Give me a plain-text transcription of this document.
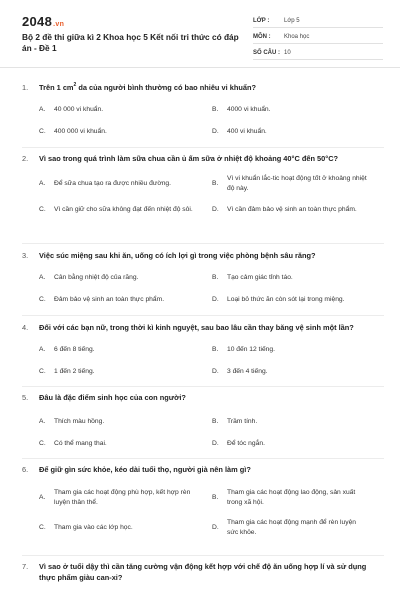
2048.vn
Bộ 2 đề thi giữa kì 2 Khoa học 5 Kết nối tri thức có đáp án - Đề 1
LỚP :	Lớp 5
MÔN :	Khoa học
SỐ CÂU : 10
1.	Trên 1 $cm^2$ da của người bình thường có bao nhiêu vi khuẩn?
A.	40 000 vi khuẩn.	B.	4000 vi khuẩn.
C.	400 000 vi khuẩn.	D.	400 vi khuẩn.
2.	Vì sao trong quá trình làm sữa chua cần ủ ấm sữa ở nhiệt độ khoảng 40°C đến 50°C?
A.	Để sữa chua tạo ra được nhiều đường.	B.
Vì vi khuẩn lắc-tic hoạt động tốt ở khoảng nhiệt độ này.
C.	Vì cần giữ cho sữa không đạt đến nhiệt độ sôi.	D.	Vì cần đảm bảo vệ sinh an toàn thực phẩm.
3.	Việc súc miệng sau khi ăn, uống có ích lợi gì trong việc phòng bệnh sâu răng?
A.	Cân bằng nhiệt độ của răng.	B.	Tạo cảm giác tỉnh táo.
C.	Đảm bảo vệ sinh an toàn thực phẩm.	D.	Loại bỏ thức ăn còn sót lại trong miệng.
4.	Đối với các bạn nữ, trong thời kì kinh nguyệt, sau bao lâu cần thay băng vệ sinh một lần?
A.	6 đến 8 tiếng.	B.	10 đến 12 tiếng.
C.	1 đến 2 tiếng.	D.	3 đến 4 tiếng.
5.	Đâu là đặc điểm sinh học của con người?
A.	Thích màu hồng.	B.	Trầm tính.
C.	Có thể mang thai.	D.	Để tóc ngắn.
6.	Để giữ gìn sức khỏe, kéo dài tuổi thọ, người già nên làm gì?
A.
Tham gia các hoạt động phù hợp, kết hợp rèn luyện thân thể.
B.
Tham gia các hoạt động lao động, sản xuất trong xã hội.
C.	Tham gia vào các lớp học.	D.
Tham gia các hoạt động mạnh để rèn luyện sức khỏe.
7.	Vì sao ở tuổi dậy thì cần tăng cường vận động kết hợp với chế độ ăn uống hợp lí và sử dụng thực phẩm giàu can-xi?
